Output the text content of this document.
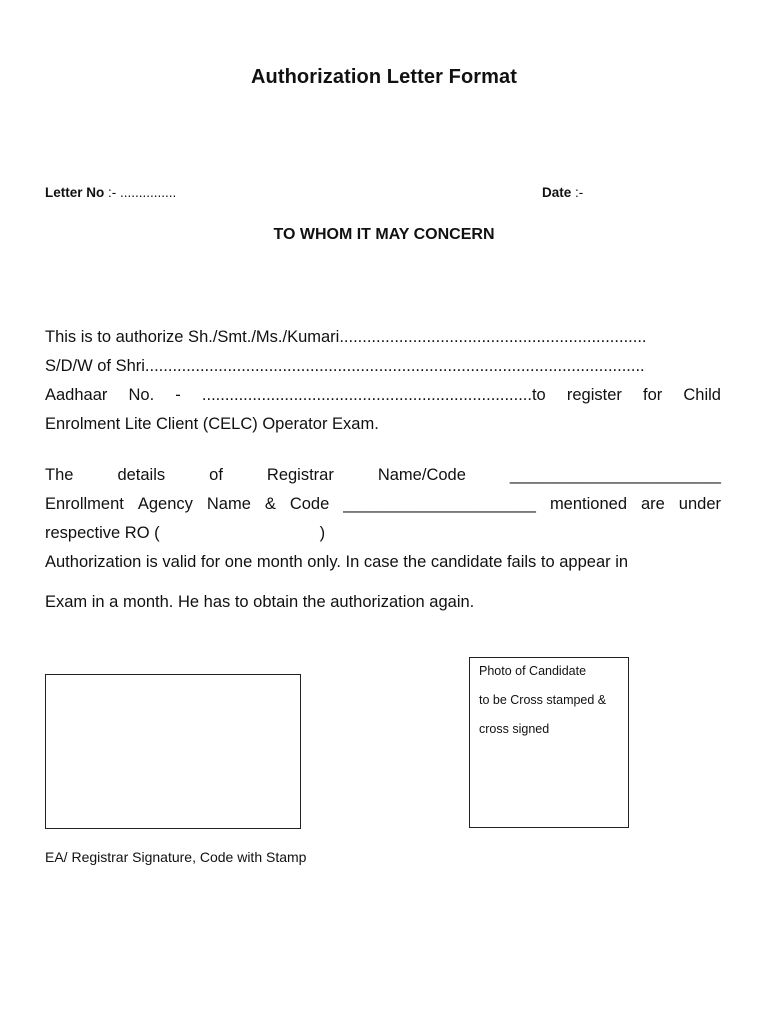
Authorization Letter Format
Letter No :- ...............	Date :-
TO WHOM IT MAY CONCERN
This is to authorize Sh./Smt./Ms./Kumari...................................................................
S/D/W of Shri.............................................................................................................
Aadhaar No. - ........................................................................to register for Child
Enrolment Lite Client (CELC) Operator Exam.
The	details	of	Registrar	Name/Code	_______________________
Enrollment Agency Name & Code _____________________ mentioned are under
respective RO (	)
Authorization is valid for one month only. In case the candidate fails to appear in
Exam in a month. He has to obtain the authorization again.
Photo of Candidate
to be Cross stamped &
cross signed
EA/ Registrar Signature, Code with Stamp
